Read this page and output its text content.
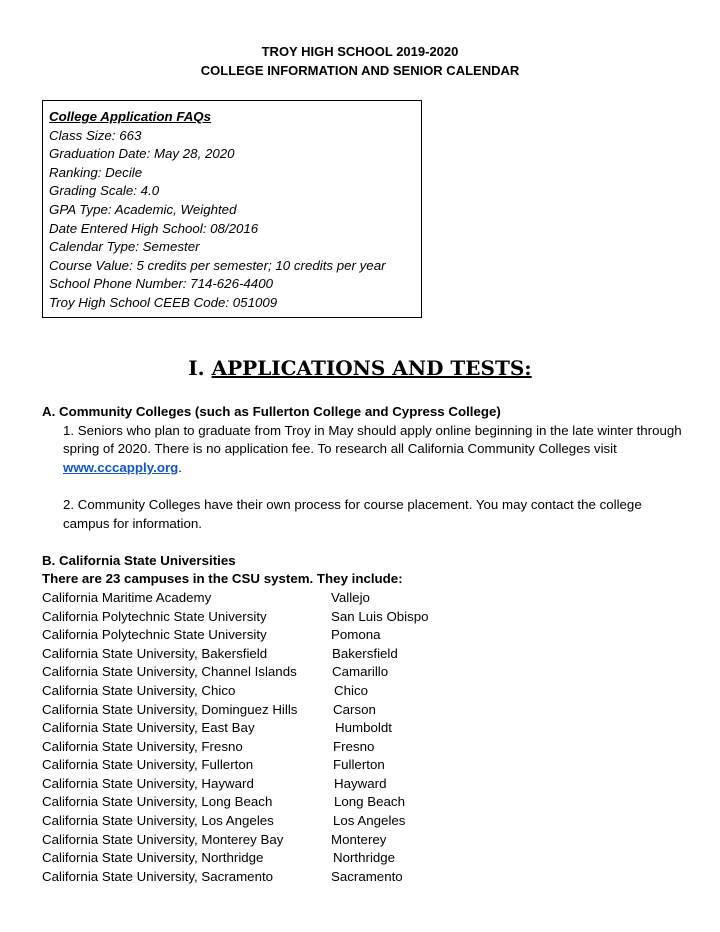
TROY HIGH SCHOOL 2019-2020
COLLEGE INFORMATION AND SENIOR CALENDAR
College Application FAQs
Class Size: 663
Graduation Date: May 28, 2020
Ranking: Decile
Grading Scale: 4.0
GPA Type: Academic, Weighted
Date Entered High School: 08/2016
Calendar Type: Semester
Course Value: 5 credits per semester; 10 credits per year
School Phone Number: 714-626-4400
Troy High School CEEB Code: 051009
I. APPLICATIONS AND TESTS:
A. Community Colleges (such as Fullerton College and Cypress College)
1. Seniors who plan to graduate from Troy in May should apply online beginning in the late winter through spring of 2020. There is no application fee. To research all California Community Colleges visit www.cccapply.org.
2. Community Colleges have their own process for course placement. You may contact the college campus for information.
B. California State Universities
There are 23 campuses in the CSU system. They include:
California Maritime Academy	Vallejo
California Polytechnic State University	San Luis Obispo
California Polytechnic State University	Pomona
California State University, Bakersfield	Bakersfield
California State University, Channel Islands	Camarillo
California State University, Chico	Chico
California State University, Dominguez Hills	Carson
California State University, East Bay	Humboldt
California State University, Fresno	Fresno
California State University, Fullerton	Fullerton
California State University, Hayward	Hayward
California State University, Long Beach	Long Beach
California State University, Los Angeles	Los Angeles
California State University, Monterey Bay	Monterey
California State University, Northridge	Northridge
California State University, Sacramento	Sacramento
